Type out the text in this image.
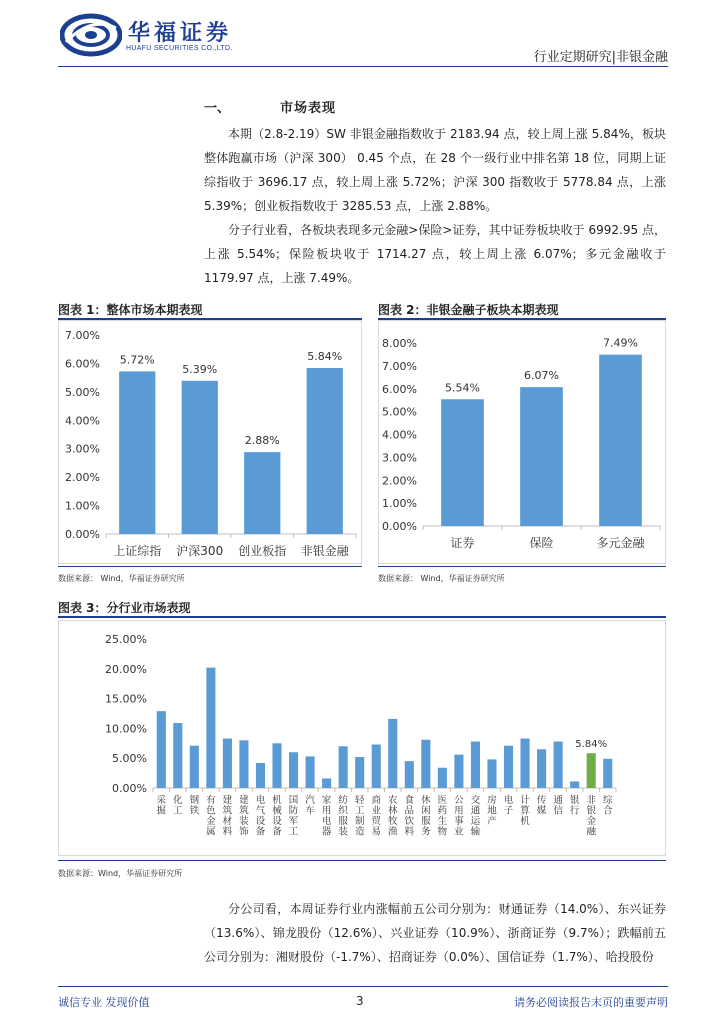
华福证券
HUAFU SECURITIES CO.,LTD.
行业定期研究|非银金融
一、	市场表现

本期（2.8-2.19）SW 非银金融指数收于 2183.94 点，较上周上涨 5.84%，板块整体跑赢市场（沪深 300） 0.45 个点，在 28 个一级行业中排名第 18 位，同期上证综指收于 3696.17 点，较上周上涨 5.72%；沪深 300 指数收于 5778.84 点，上涨 5.39%；创业板指数收于 3285.53 点，上涨 2.88%。

分子行业看，各板块表现多元金融>保险>证券，其中证券板块收于 6992.95 点，上涨 5.54%；保险板块收于 1714.27 点，较上周上涨 6.07%；多元金融收于 1179.97 点，上涨 7.49%。

图表 1：整体市场本期表现
0.00%
1.00%
2.00%
3.00%
4.00%
5.00%
6.00%
7.00%
5.72%
上证综指
5.39%
沪深300
2.88%
创业板指
5.84%
非银金融
数据来源： Wind，华福证券研究所
图表 2：非银金融子板块本期表现
0.00%
1.00%
2.00%
3.00%
4.00%
5.00%
6.00%
7.00%
8.00%
5.54%
证券
6.07%
保险
7.49%
多元金融
数据来源： Wind，华福证券研究所
图表 3：分行业市场表现
0.00%
5.00%
10.00%
15.00%
20.00%
25.00%
采
掘
化
工
钢
铁
有
色
金
属
建
筑
材
料
建
筑
装
饰
电
气
设
备
机
械
设
备
国
防
军
工
汽
车
家
用
电
器
纺
织
服
装
轻
工
制
造
商
业
贸
易
农
林
牧
渔
食
品
饮
料
休
闲
服
务
医
药
生
物
公
用
事
业
交
通
运
输
房
地
产
电
子
计
算
机
传
媒
通
信
银
行
5.84%
非
银
金
融
综
合
数据来源：Wind，华福证券研究所

分公司看，本周证券行业内涨幅前五公司分别为：财通证券（14.0%）、东兴证券（13.6%）、锦龙股份（12.6%）、兴业证券（10.9%）、浙商证券（9.7%）；跌幅前五公司分别为：湘财股份（-1.7%）、招商证券（0.0%）、国信证券（1.7%）、哈投股份

诚信专业 发现价值	3	请务必阅读报告末页的重要声明
